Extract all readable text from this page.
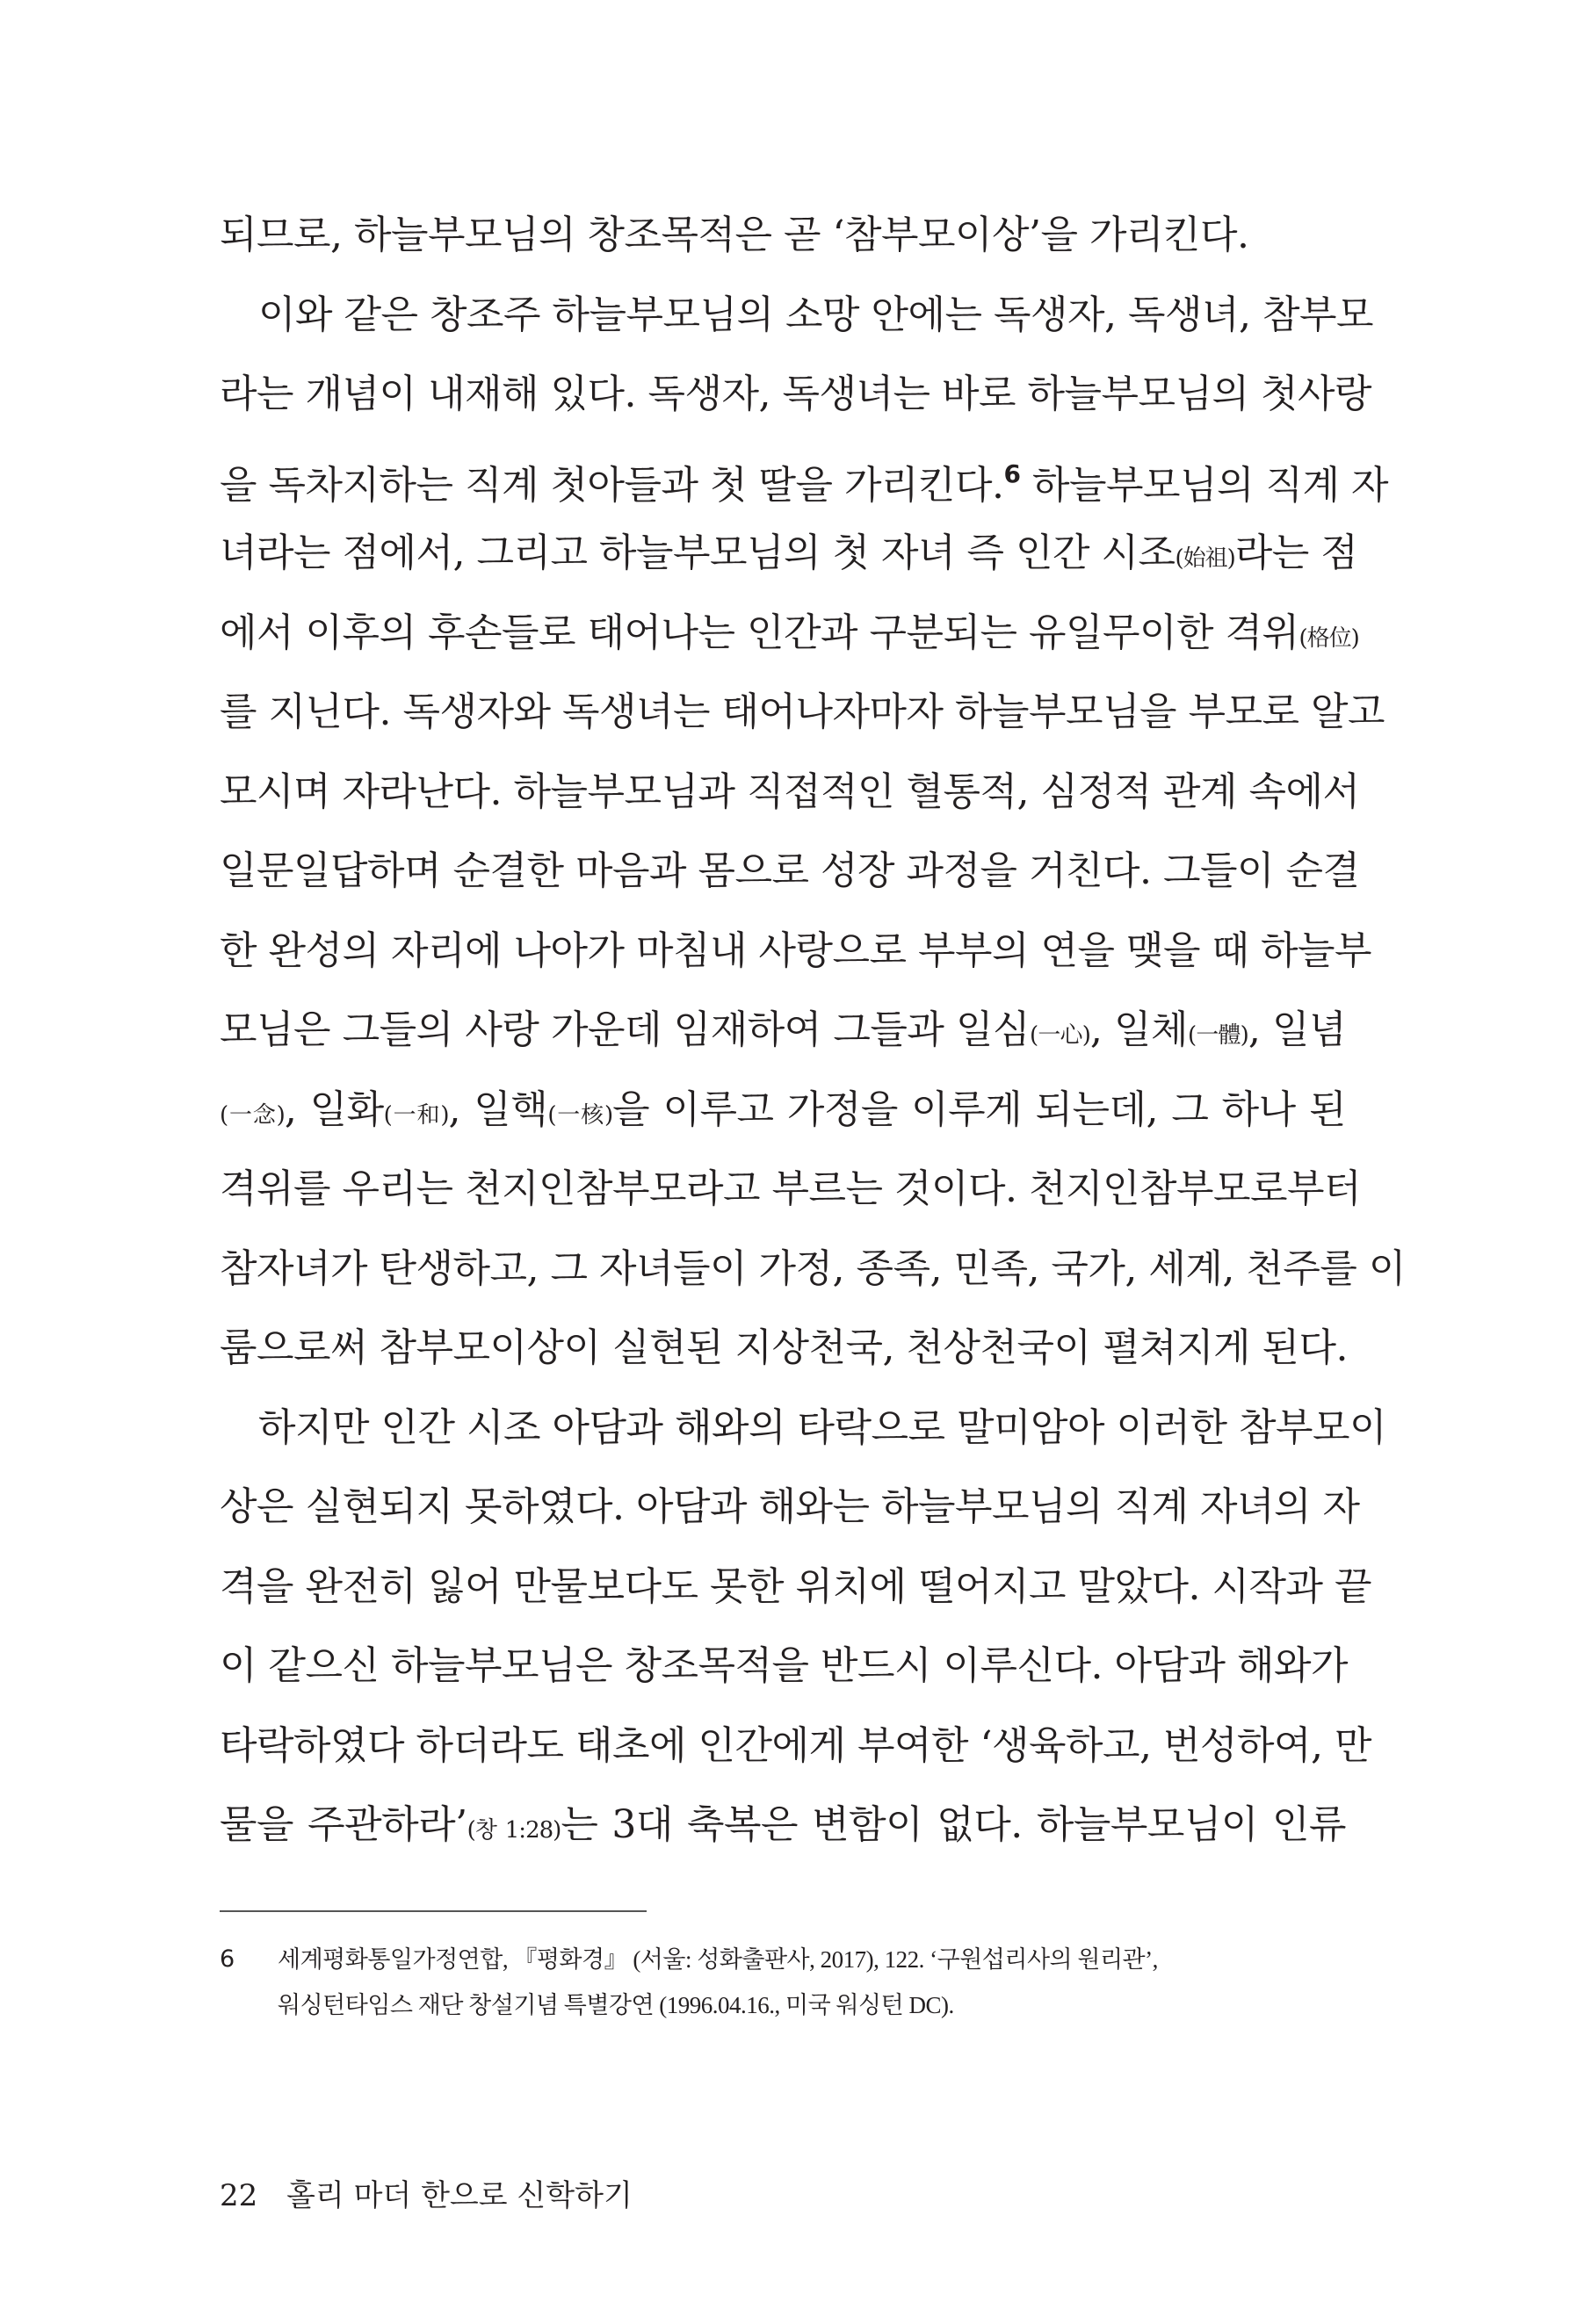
되므로, 하늘부모님의 창조목적은 곧 ‘참부모이상’을 가리킨다.
이와 같은 창조주 하늘부모님의 소망 안에는 독생자, 독생녀, 참부모
라는 개념이 내재해 있다. 독생자, 독생녀는 바로 하늘부모님의 첫사랑
을 독차지하는 직계 첫아들과 첫 딸을 가리킨다.$^6$ 하늘부모님의 직계 자
녀라는 점에서, 그리고 하늘부모님의 첫 자녀 즉 인간 시조(始祖)라는 점
에서 이후의 후손들로 태어나는 인간과 구분되는 유일무이한 격위(格位)
를 지닌다. 독생자와 독생녀는 태어나자마자 하늘부모님을 부모로 알고
모시며 자라난다. 하늘부모님과 직접적인 혈통적, 심정적 관계 속에서
일문일답하며 순결한 마음과 몸으로 성장 과정을 거친다. 그들이 순결
한 완성의 자리에 나아가 마침내 사랑으로 부부의 연을 맺을 때 하늘부
모님은 그들의 사랑 가운데 임재하여 그들과 일심(一心), 일체(一體), 일념
(一念), 일화(一和), 일핵(一核)을 이루고 가정을 이루게 되는데, 그 하나 된
격위를 우리는 천지인참부모라고 부르는 것이다. 천지인참부모로부터
참자녀가 탄생하고, 그 자녀들이 가정, 종족, 민족, 국가, 세계, 천주를 이
룸으로써 참부모이상이 실현된 지상천국, 천상천국이 펼쳐지게 된다.
하지만 인간 시조 아담과 해와의 타락으로 말미암아 이러한 참부모이
상은 실현되지 못하였다. 아담과 해와는 하늘부모님의 직계 자녀의 자
격을 완전히 잃어 만물보다도 못한 위치에 떨어지고 말았다. 시작과 끝
이 같으신 하늘부모님은 창조목적을 반드시 이루신다. 아담과 해와가
타락하였다 하더라도 태초에 인간에게 부여한 ‘생육하고, 번성하여, 만
물을 주관하라’(창 1:28)는 3대 축복은 변함이 없다. 하늘부모님이 인류
6	세계평화통일가정연합, 『평화경』 (서울: 성화출판사, 2017), 122. ‘구원섭리사의 원리관’,
워싱턴타임스 재단 창설기념 특별강연 (1996.04.16., 미국 워싱턴 DC).
22 홀리 마더 한으로 신학하기
